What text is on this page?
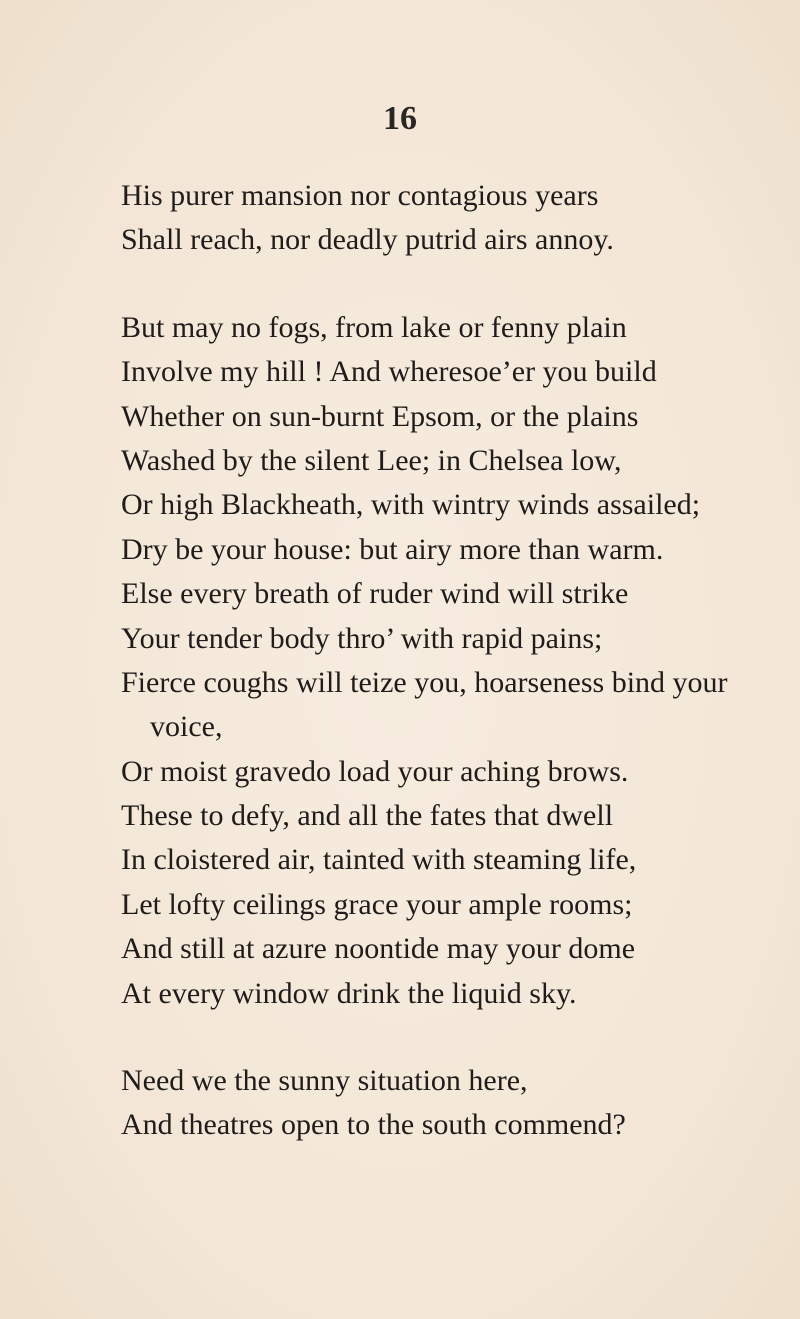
16
His purer mansion nor contagious years
Shall reach, nor deadly putrid airs annoy.
But may no fogs, from lake or fenny plain
Involve my hill ! And wheresoe’er you build
Whether on sun-burnt Epsom, or the plains
Washed by the silent Lee; in Chelsea low,
Or high Blackheath, with wintry winds assailed;
Dry be your house: but airy more than warm.
Else every breath of ruder wind will strike
Your tender body thro’ with rapid pains;
Fierce coughs will teize you, hoarseness bind your
voice,
Or moist gravedo load your aching brows.
These to defy, and all the fates that dwell
In cloistered air, tainted with steaming life,
Let lofty ceilings grace your ample rooms;
And still at azure noontide may your dome
At every window drink the liquid sky.
Need we the sunny situation here,
And theatres open to the south commend?
